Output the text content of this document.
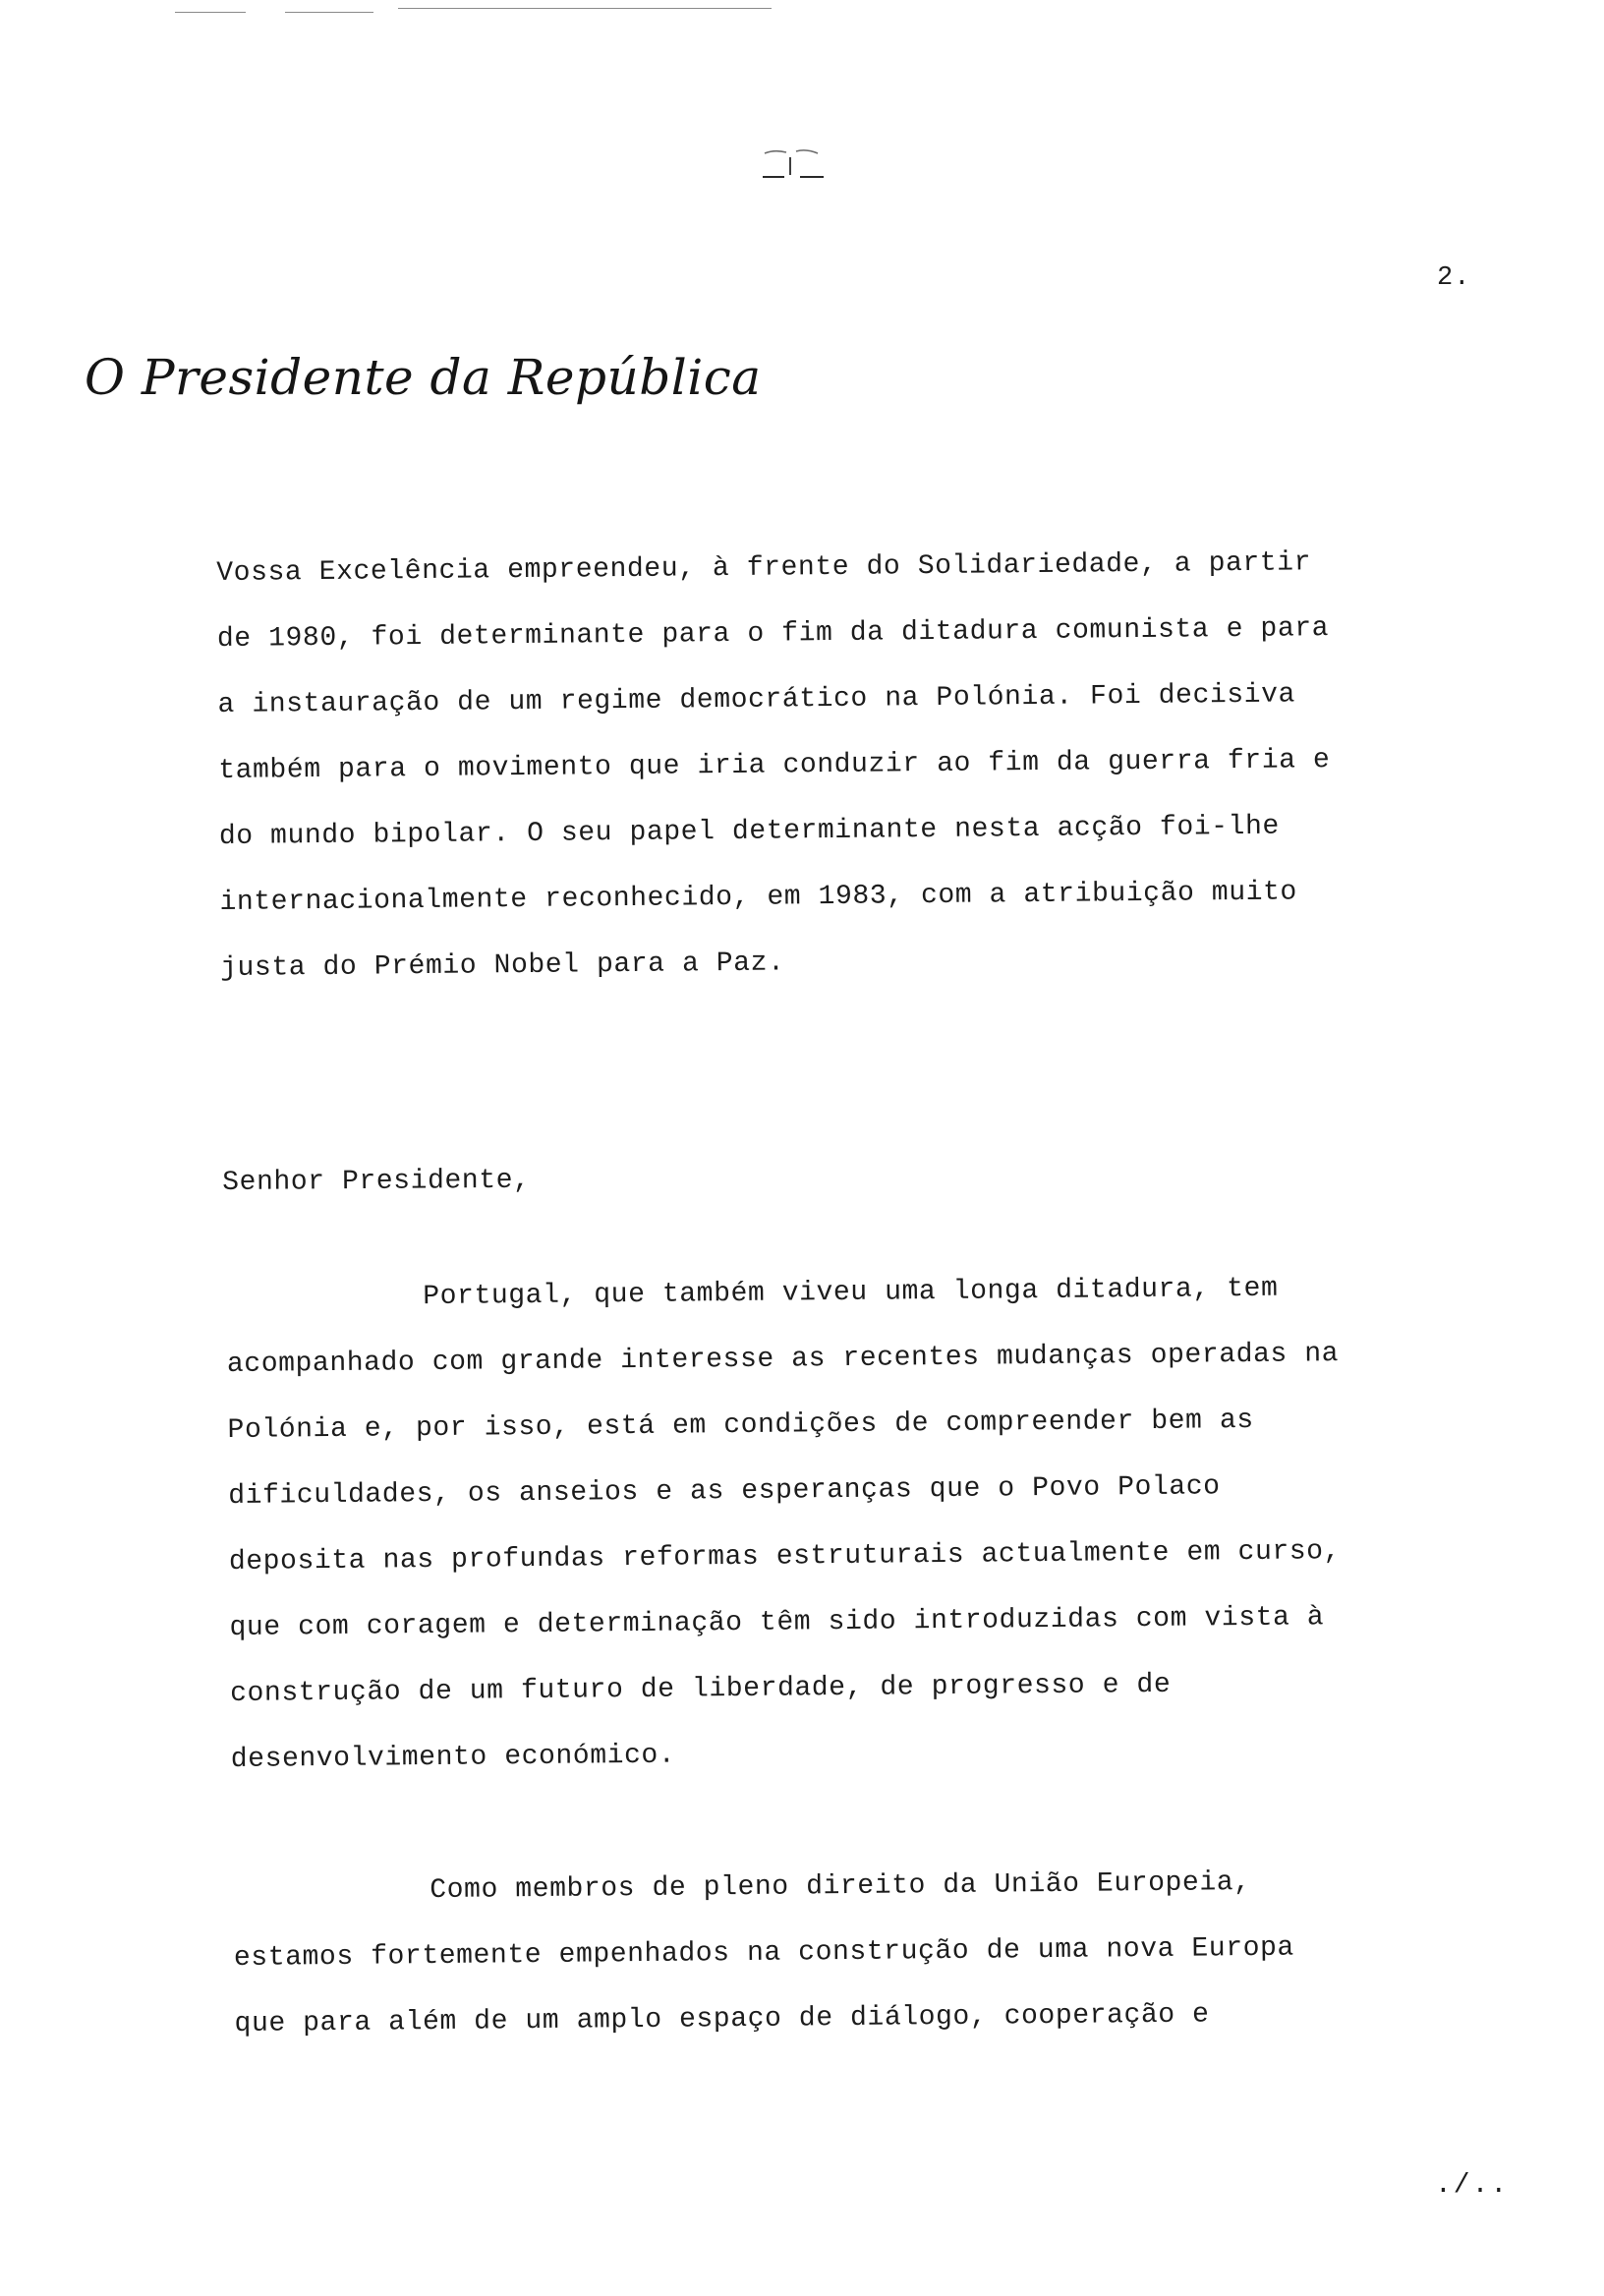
2.
O Presidente da República
Vossa Excelência empreendeu, à frente do Solidariedade, a partir
de 1980, foi determinante para o fim da ditadura comunista e para
a instauração de um regime democrático na Polónia. Foi decisiva
também para o movimento que iria conduzir ao fim da guerra fria e
do mundo bipolar. O seu papel determinante nesta acção foi-lhe
internacionalmente reconhecido, em 1983, com a atribuição muito
justa do Prémio Nobel para a Paz.
Senhor Presidente,
Portugal, que também viveu uma longa ditadura, tem
acompanhado com grande interesse as recentes mudanças operadas na
Polónia e, por isso, está em condições de compreender bem as
dificuldades, os anseios e as esperanças que o Povo Polaco
deposita nas profundas reformas estruturais actualmente em curso,
que com coragem e determinação têm sido introduzidas com vista à
construção de um futuro de liberdade, de progresso e de
desenvolvimento económico.
Como membros de pleno direito da União Europeia,
estamos fortemente empenhados na construção de uma nova Europa
que para além de um amplo espaço de diálogo, cooperação e
./..
